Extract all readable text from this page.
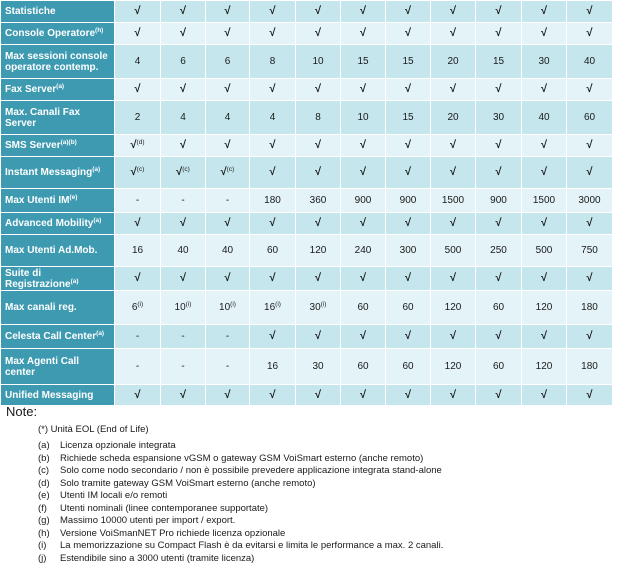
Statistiche	√	√	√	√	√	√	√	√	√	√	√
Console Operatore$^{(h)}$	√	√	√	√	√	√	√	√	√	√	√
Max sessioni console operatore contemp.	4	6	6	8	10	15	15	20	15	30	40
Fax Server$^{(a)}$	√	√	√	√	√	√	√	√	√	√	√
Max. Canali Fax Server	2	4	4	4	8	10	15	20	30	40	60
SMS Server$^{(a)(b)}$	√$^{(d)}$	√	√	√	√	√	√	√	√	√	√
Instant Messaging$^{(a)}$	√$^{(c)}$	√$^{(c)}$	√$^{(c)}$	√	√	√	√	√	√	√	√
Max Utenti IM$^{(e)}$	-	-	-	180	360	900	900	1500	900	1500	3000
Advanced Mobility$^{(a)}$	√	√	√	√	√	√	√	√	√	√	√
Max Utenti Ad.Mob.	16	40	40	60	120	240	300	500	250	500	750
Suite di Registrazione$^{(a)}$	√	√	√	√	√	√	√	√	√	√	√
Max canali reg.	6$^{(i)}$	10$^{(i)}$	10$^{(i)}$	16$^{(i)}$	30$^{(i)}$	60	60	120	60	120	180
Celesta Call Center$^{(a)}$	-	-	-	√	√	√	√	√	√	√	√
Max Agenti Call center	-	-	-	16	30	60	60	120	60	120	180
Unified Messaging	√	√	√	√	√	√	√	√	√	√	√
Note:
(*) Unità EOL (End of Life)
(a)	Licenza opzionale integrata
(b)	Richiede scheda espansione vGSM o gateway GSM VoiSmart esterno (anche remoto)
(c)	Solo come nodo secondario / non è possibile prevedere applicazione integrata stand-alone
(d)	Solo tramite gateway GSM VoiSmart esterno (anche remoto)
(e)	Utenti IM locali e/o remoti
(f)	Utenti nominali (linee contemporanee supportate)
(g)	Massimo 10000 utenti per import / export.
(h)	Versione VoiSmanNET Pro richiede licenza opzionale
(i)	La memorizzazione su Compact Flash è da evitarsi e limita le performance a max. 2 canali.
(j)	Estendibile sino a 3000 utenti (tramite licenza)
